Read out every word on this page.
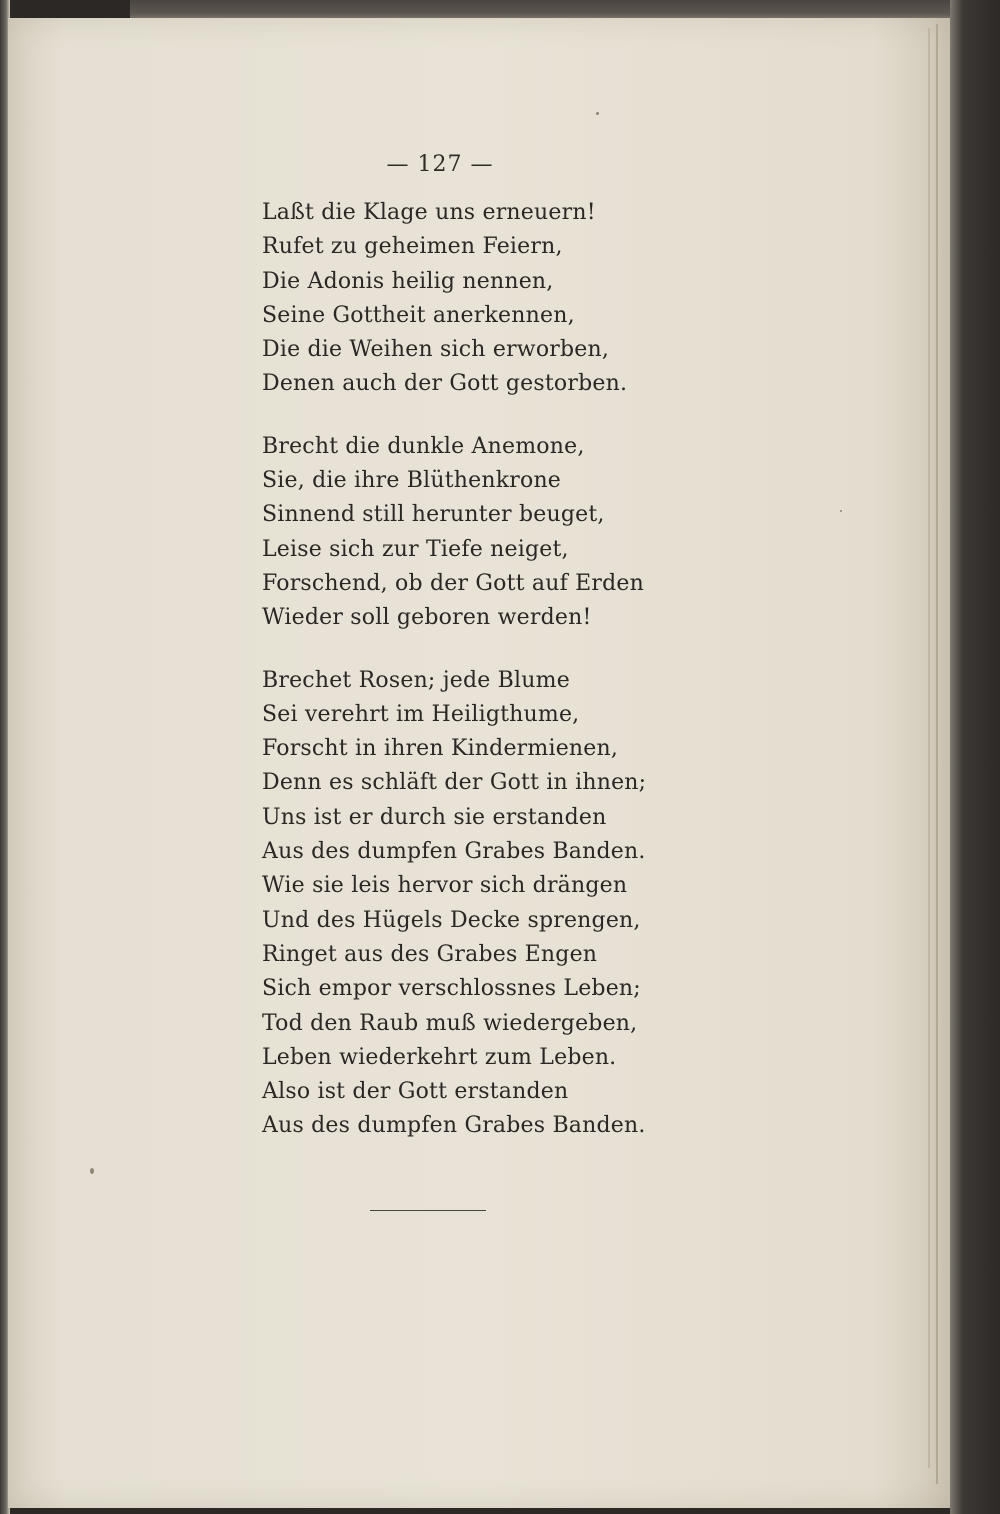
— 127 —
Laßt die Klage uns erneuern!
Rufet zu geheimen Feiern,
Die Adonis heilig nennen,
Seine Gottheit anerkennen,
Die die Weihen sich erworben,
Denen auch der Gott gestorben.
Brecht die dunkle Anemone,
Sie, die ihre Blüthenkrone
Sinnend still herunter beuget,
Leise sich zur Tiefe neiget,
Forschend, ob der Gott auf Erden
Wieder soll geboren werden!
Brechet Rosen; jede Blume
Sei verehrt im Heiligthume,
Forscht in ihren Kindermienen,
Denn es schläft der Gott in ihnen;
Uns ist er durch sie erstanden
Aus des dumpfen Grabes Banden.
Wie sie leis hervor sich drängen
Und des Hügels Decke sprengen,
Ringet aus des Grabes Engen
Sich empor verschlossnes Leben;
Tod den Raub muß wiedergeben,
Leben wiederkehrt zum Leben.
Also ist der Gott erstanden
Aus des dumpfen Grabes Banden.
